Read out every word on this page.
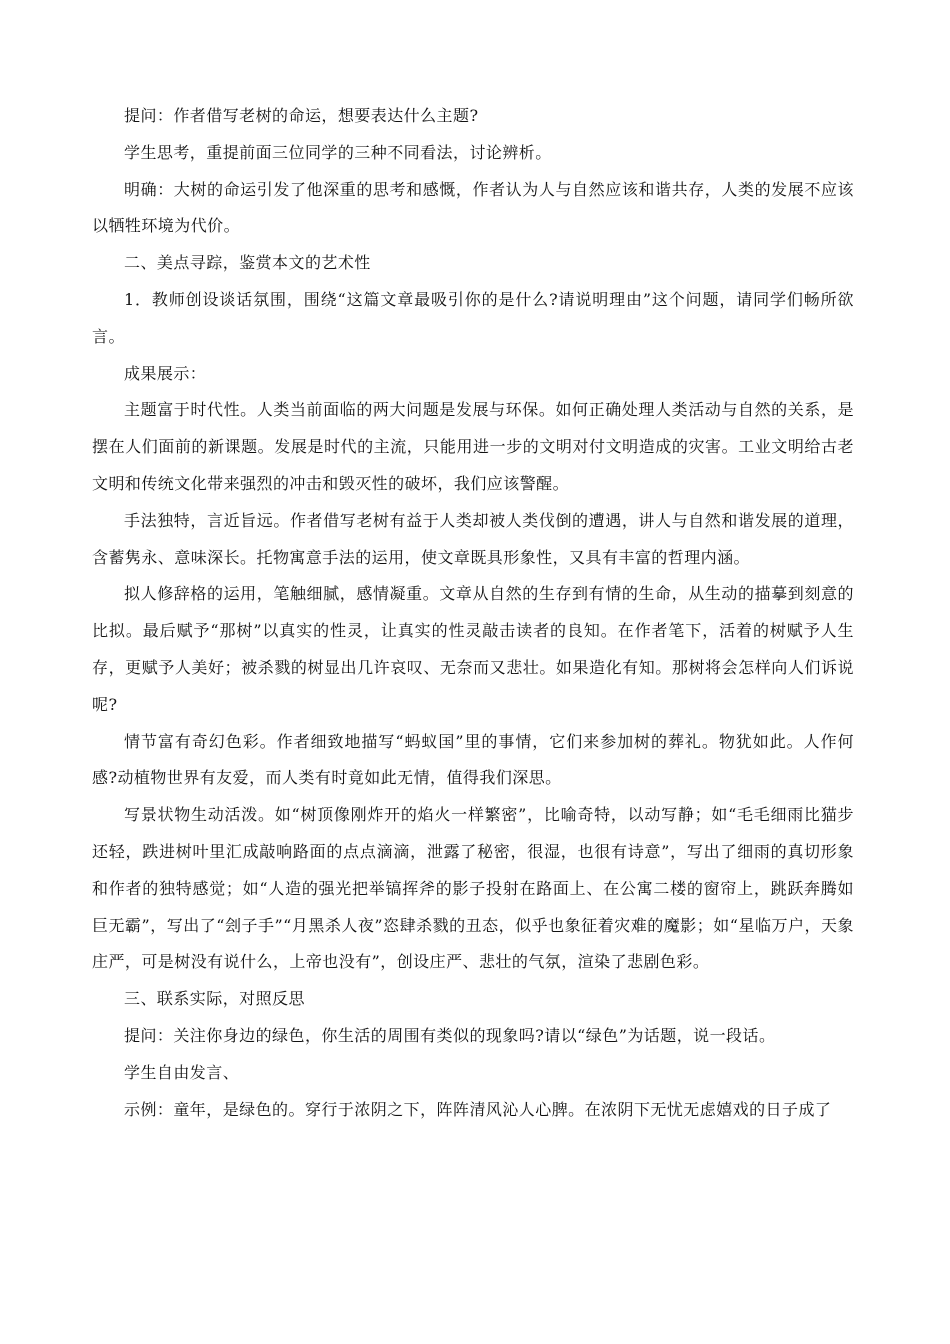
提问：作者借写老树的命运，想要表达什么主题?

学生思考，重提前面三位同学的三种不同看法，讨论辨析。

明确：大树的命运引发了他深重的思考和感慨，作者认为人与自然应该和谐共存，人类的发展不应该以牺牲环境为代价。

二、美点寻踪，鉴赏本文的艺术性

1．教师创设谈话氛围，围绕“这篇文章最吸引你的是什么?请说明理由”这个问题，请同学们畅所欲言。

成果展示：

主题富于时代性。人类当前面临的两大问题是发展与环保。如何正确处理人类活动与自然的关系，是摆在人们面前的新课题。发展是时代的主流，只能用进一步的文明对付文明造成的灾害。工业文明给古老文明和传统文化带来强烈的冲击和毁灭性的破坏，我们应该警醒。

手法独特，言近旨远。作者借写老树有益于人类却被人类伐倒的遭遇，讲人与自然和谐发展的道理，含蓄隽永、意味深长。托物寓意手法的运用，使文章既具形象性，又具有丰富的哲理内涵。

拟人修辞格的运用，笔触细腻，感情凝重。文章从自然的生存到有情的生命，从生动的描摹到刻意的比拟。最后赋予“那树”以真实的性灵，让真实的性灵敲击读者的良知。在作者笔下，活着的树赋予人生存，更赋予人美好；被杀戮的树显出几许哀叹、无奈而又悲壮。如果造化有知。那树将会怎样向人们诉说呢?

情节富有奇幻色彩。作者细致地描写“蚂蚁国”里的事情，它们来参加树的葬礼。物犹如此。人作何感?动植物世界有友爱，而人类有时竟如此无情，值得我们深思。

写景状物生动活泼。如“树顶像刚炸开的焰火一样繁密”，比喻奇特，以动写静；如“毛毛细雨比猫步还轻，跌进树叶里汇成敲响路面的点点滴滴，泄露了秘密，很湿，也很有诗意”，写出了细雨的真切形象和作者的独特感觉；如“人造的强光把举镐挥斧的影子投射在路面上、在公寓二楼的窗帘上，跳跃奔腾如巨无霸”，写出了“刽子手”“月黑杀人夜”恣肆杀戮的丑态，似乎也象征着灾难的魔影；如“星临万户，天象庄严，可是树没有说什么，上帝也没有”，创设庄严、悲壮的气氛，渲染了悲剧色彩。

三、联系实际，对照反思

提问：关注你身边的绿色，你生活的周围有类似的现象吗?请以“绿色”为话题，说一段话。

学生自由发言、

示例：童年，是绿色的。穿行于浓阴之下，阵阵清风沁人心脾。在浓阴下无忧无虑嬉戏的日子成了
